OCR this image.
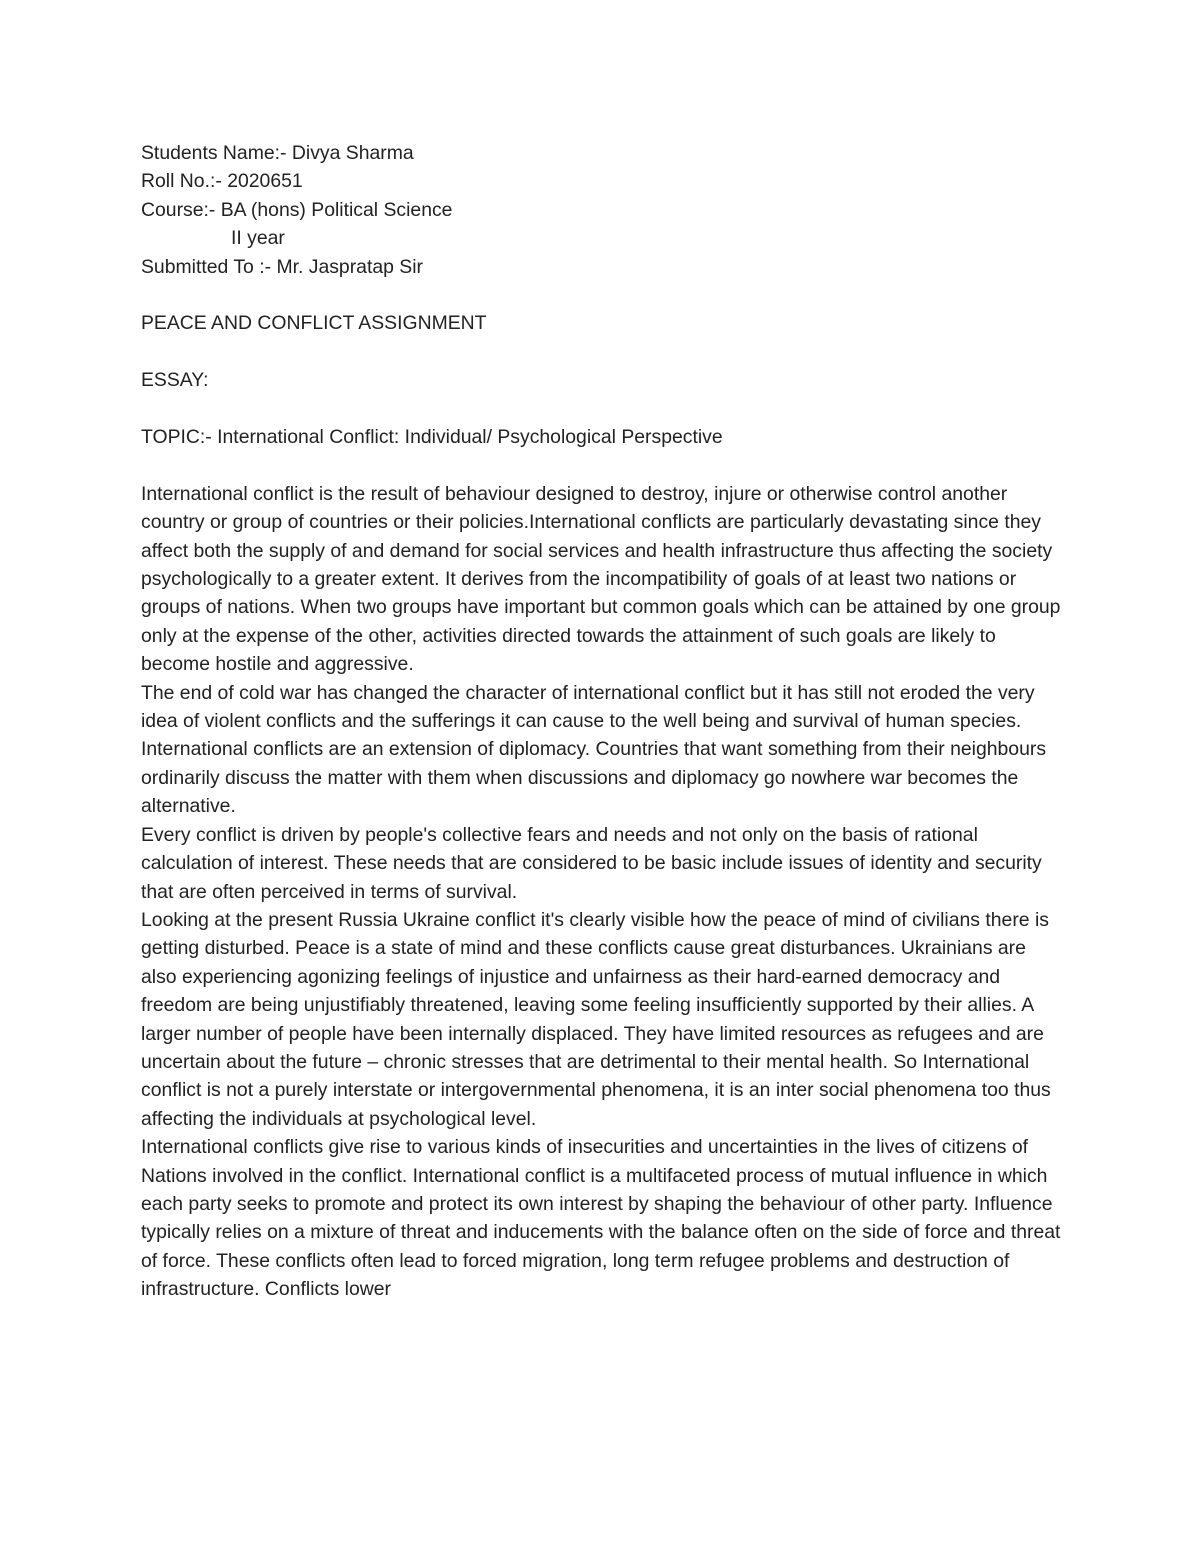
Students Name:- Divya Sharma
Roll No.:- 2020651
Course:- BA (hons) Political Science
II year
Submitted To :- Mr. Jaspratap Sir
PEACE AND CONFLICT ASSIGNMENT
ESSAY:
TOPIC:- International Conflict: Individual/ Psychological Perspective

International conflict is the result of behaviour designed to destroy, injure or otherwise control another country or group of countries or their policies.International conflicts are particularly devastating since they affect both the supply of and demand for social services and health infrastructure thus affecting the society psychologically to a greater extent. It derives from the incompatibility of goals of at least two nations or groups of nations. When two groups have important but common goals which can be attained by one group only at the expense of the other, activities directed towards the attainment of such goals are likely to become hostile and aggressive.

The end of cold war has changed the character of international conflict but it has still not eroded the very idea of violent conflicts and the sufferings it can cause to the well being and survival of human species.

International conflicts are an extension of diplomacy. Countries that want something from their neighbours ordinarily discuss the matter with them when discussions and diplomacy go nowhere war becomes the alternative.

Every conflict is driven by people's collective fears and needs and not only on the basis of rational calculation of interest. These needs that are considered to be basic include issues of identity and security that are often perceived in terms of survival.

Looking at the present Russia Ukraine conflict it's clearly visible how the peace of mind of civilians there is getting disturbed. Peace is a state of mind and these conflicts cause great disturbances. Ukrainians are also experiencing agonizing feelings of injustice and unfairness as their hard-earned democracy and freedom are being unjustifiably threatened, leaving some feeling insufficiently supported by their allies. A larger number of people have been internally displaced. They have limited resources as refugees and are uncertain about the future – chronic stresses that are detrimental to their mental health. So International conflict is not a purely interstate or intergovernmental phenomena, it is an inter social phenomena too thus affecting the individuals at psychological level.

International conflicts give rise to various kinds of insecurities and uncertainties in the lives of citizens of Nations involved in the conflict. International conflict is a multifaceted process of mutual influence in which each party seeks to promote and protect its own interest by shaping the behaviour of other party. Influence typically relies on a mixture of threat and inducements with the balance often on the side of force and threat of force. These conflicts often lead to forced migration, long term refugee problems and destruction of infrastructure. Conflicts lower
